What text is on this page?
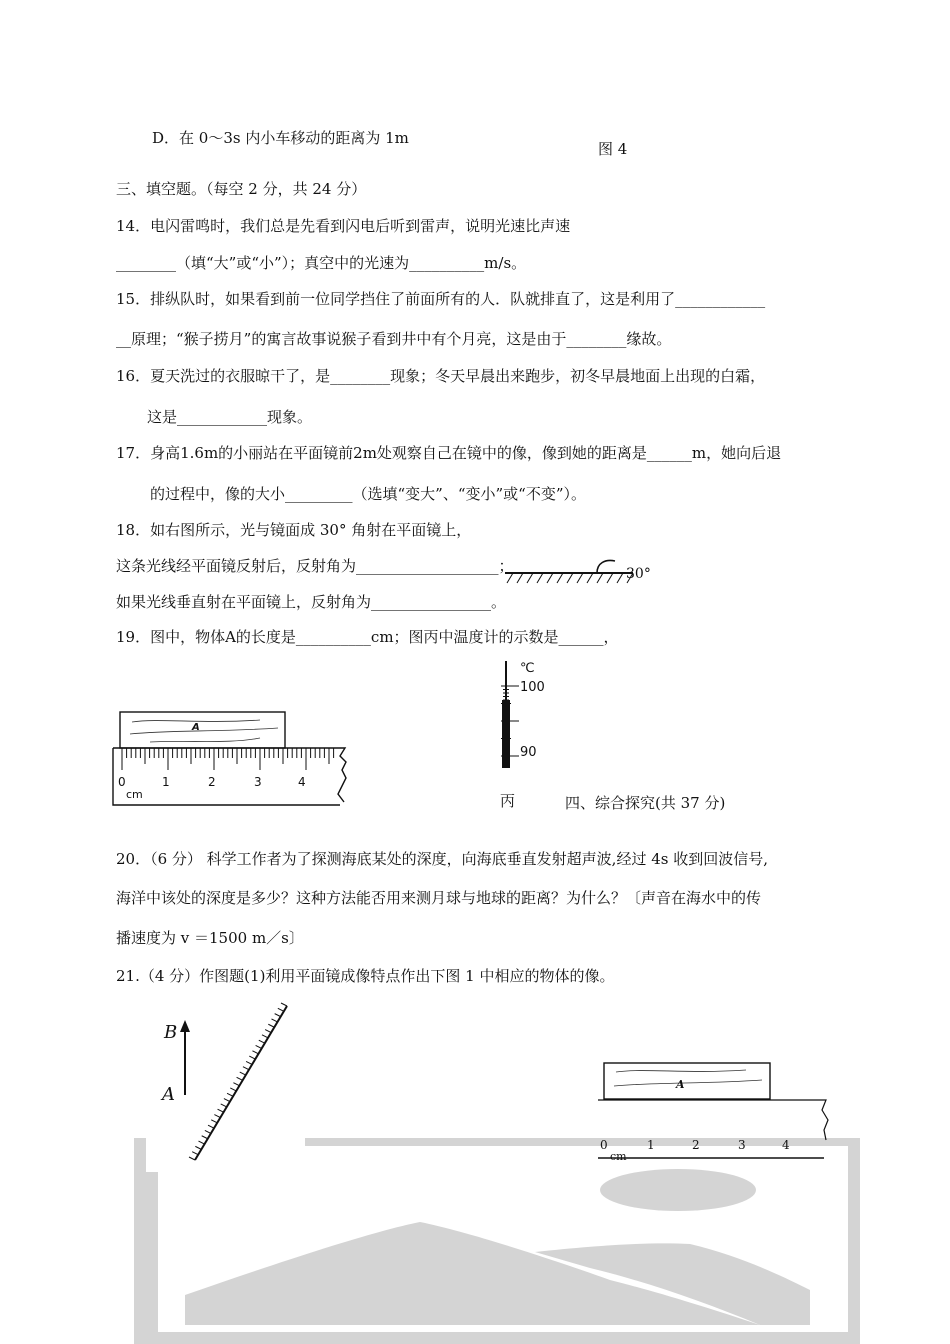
D．在 0～3s 内小车移动的距离为 1m
图 4
三、填空题。（每空 2 分，共 24 分）
14．电闪雷鸣时，我们总是先看到闪电后听到雷声，说明光速比声速
________（填“大”或“小”）；真空中的光速为__________m/s。
15．排纵队时，如果看到前一位同学挡住了前面所有的人．队就排直了，这是利用了____________
__原理；“猴子捞月”的寓言故事说猴子看到井中有个月亮，这是由于________缘故。
16．夏天洗过的衣服晾干了，是________现象；冬天早晨出来跑步，初冬早晨地面上出现的白霜，
这是____________现象。
17．身高1.6m的小丽站在平面镜前2m处观察自己在镜中的像，像到她的距离是______m，她向后退
的过程中，像的大小_________（选填“变大”、“变小”或“不变”）。
18．如右图所示，光与镜面成 30° 角射在平面镜上，
这条光线经平面镜反射后，反射角为___________________；
如果光线垂直射在平面镜上，反射角为________________。
30°
19．图中，物体A的长度是__________cm；图丙中温度计的示数是______，
A
0	1	2	3	4
cm
℃
100
90
丙	四、综合探究(共 37 分)
20．（6 分） 科学工作者为了探测海底某处的深度，向海底垂直发射超声波,经过 4s 收到回波信号,
海洋中该处的深度是多少？这种方法能否用来测月球与地球的距离？为什么？〔声音在海水中的传
播速度为 v ＝1500 m／s〕
21.（4 分）作图题(1)利用平面镜成像特点作出下图 1 中相应的物体的像。
B
A	A
0	1	2	3	4
cm
